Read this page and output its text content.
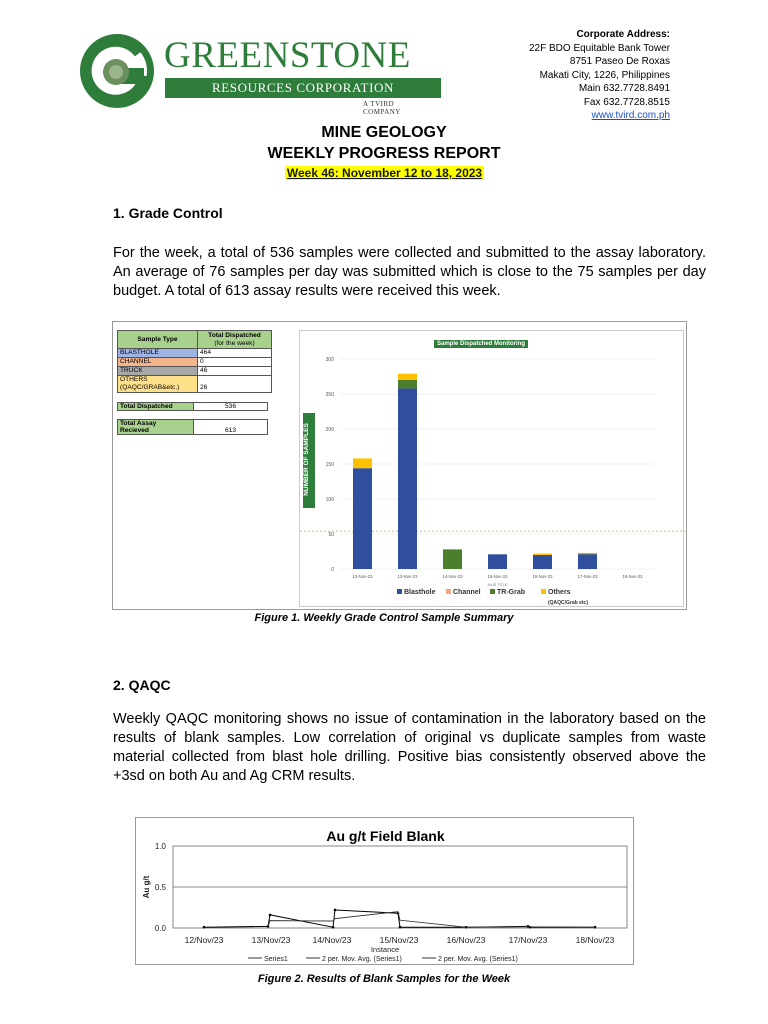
GREENSTONE
RESOURCES CORPORATION
A TVIRD COMPANY
Corporate Address:
22F BDO Equitable Bank Tower
8751 Paseo De Roxas
Makati City, 1226, Philippines
Main 632.7728.8491
Fax 632.7728.8515
www.tvird.com.ph
MINE GEOLOGY
WEEKLY PROGRESS REPORT
Week 46: November 12 to 18, 2023
1. Grade Control
For the week, a total of 536 samples were collected and submitted to the assay laboratory. An average of 76 samples per day was submitted which is close to the 75 samples per day budget. A total of 613 assay results were received this week.
Sample Type	Total Dispatched
(for the week)

BLASTHOLE	464
CHANNEL	0
TRUCK	46

OTHERS
(QAQC/GRAB&etc.)	26
Total Dispatched	536
Total Assay
Recieved	613
0
50
100
150
200
250
300
12-Nov-23	13-Nov-23	14-Nov-23	15-Nov-23	16-Nov-23	17-Nov-23	18-Nov-23
AXIS TITLE
Blasthole Channel TR-Grab	Others
(QAQC/Grab etc)
Sample Dispatched Monitoring
NUMBER OF SAMPLES
Figure 1. Weekly Grade Control Sample Summary
2. QAQC
Weekly QAQC monitoring shows no issue of contamination in the laboratory based on the results of blank samples. Low correlation of original vs duplicate samples from waste material collected from blast hole drilling. Positive bias consistently observed above the +3sd on both Au and Ag CRM results.
0.0
0.5
1.0
Au g/t
12/Nov/23	13/Nov/23	14/Nov/23	15/Nov/23	16/Nov/23	17/Nov/23	18/Nov/23
Instance
Series1	2 per. Mov. Avg. (Series1)	2 per. Mov. Avg. (Series1)
Au g/t Field Blank
Figure 2. Results of Blank Samples for the Week
